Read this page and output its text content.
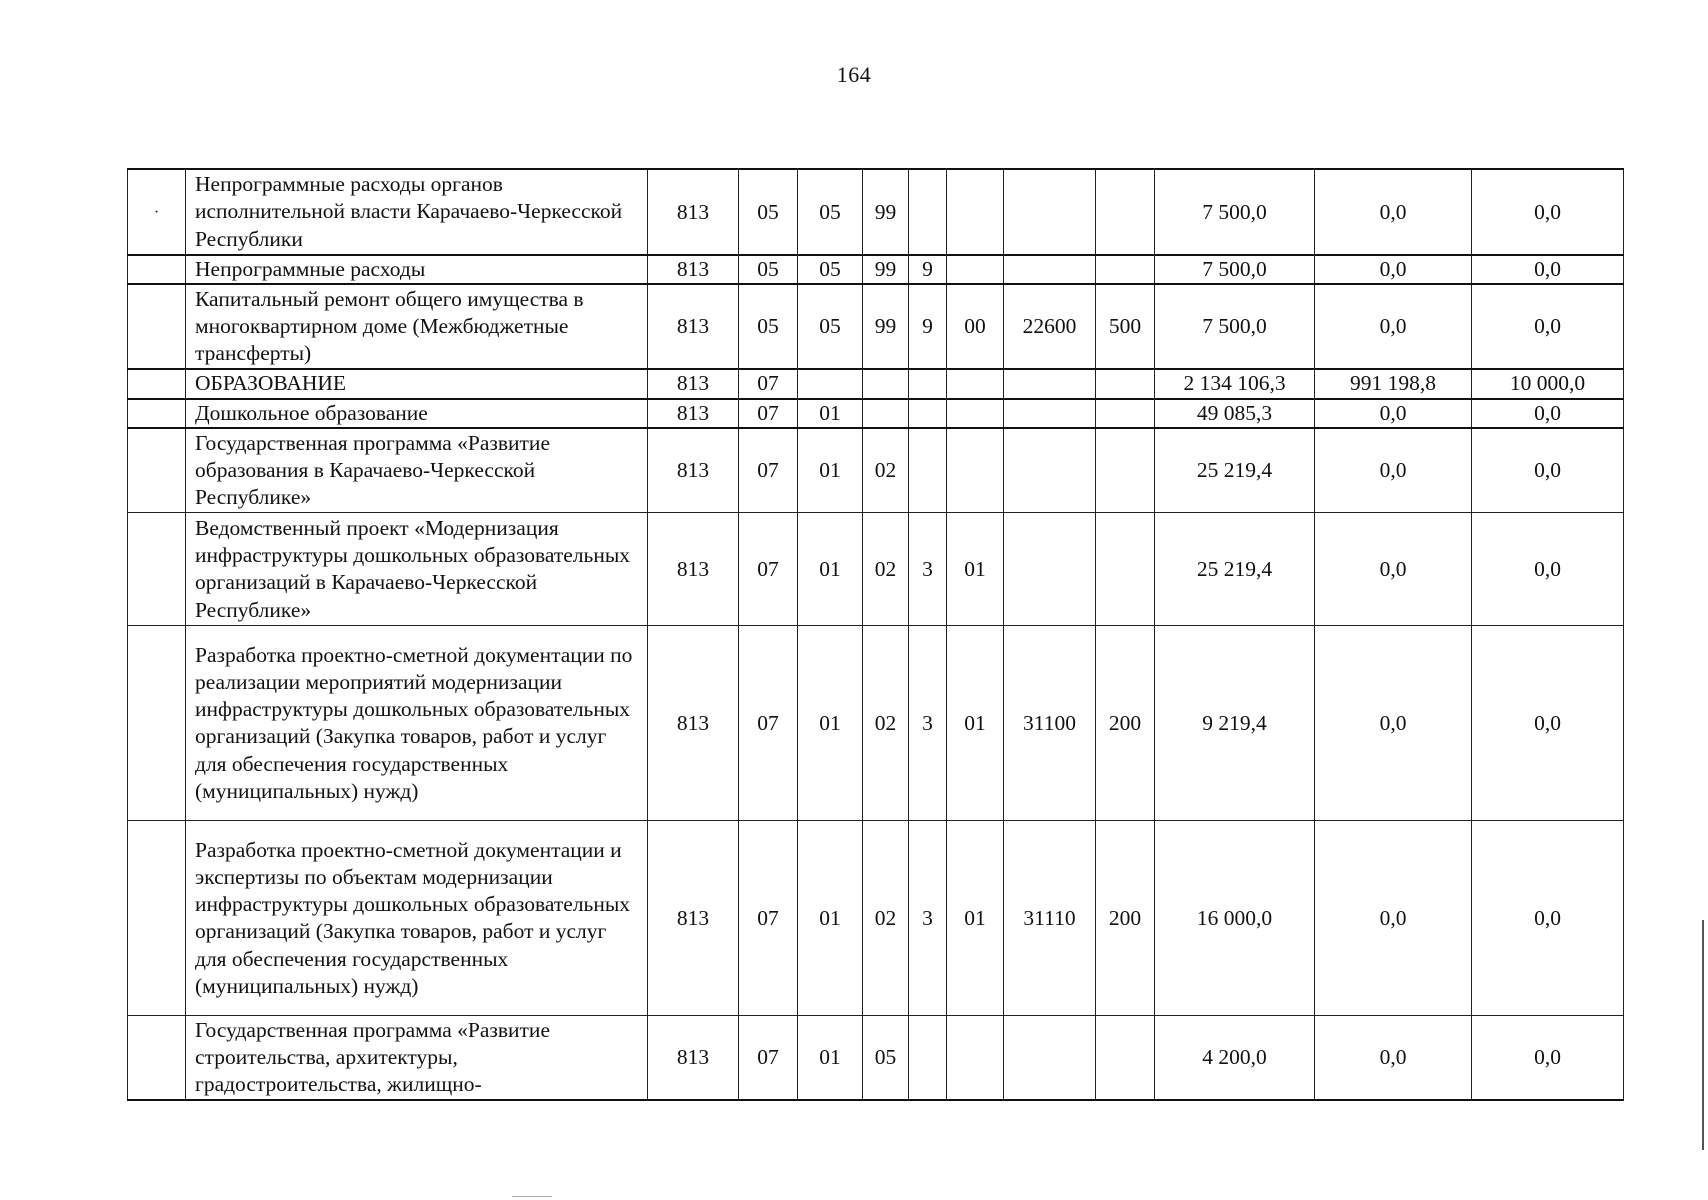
164
·	Непрограммные расходы органов исполнительной власти Карачаево-Черкесской Республики	813	05	05	99					7 500,0	0,0	0,0
	Непрограммные расходы	813	05	05	99	9				7 500,0	0,0	0,0
	Капитальный ремонт общего имущества в многоквартирном доме (Межбюджетные трансферты)	813	05	05	99	9	00	22600	500	7 500,0	0,0	0,0
	ОБРАЗОВАНИЕ	813	07							2 134 106,3	991 198,8	10 000,0
	Дошкольное образование	813	07	01						49 085,3	0,0	0,0
	Государственная программа «Развитие образования в Карачаево-Черкесской Республике»	813	07	01	02					25 219,4	0,0	0,0
	Ведомственный проект «Модернизация инфраструктуры дошкольных образовательных организаций в Карачаево-Черкесской Республике»	813	07	01	02	3	01			25 219,4	0,0	0,0
	Разработка проектно-сметной документации по реализации мероприятий модернизации инфраструктуры дошкольных образовательных организаций (Закупка товаров, работ и услуг для обеспечения государственных (муниципальных) нужд)	813	07	01	02	3	01	31100	200	9 219,4	0,0	0,0
	Разработка проектно-сметной документации и экспертизы по объектам модернизации инфраструктуры дошкольных образовательных организаций (Закупка товаров, работ и услуг для обеспечения государственных (муниципальных) нужд)	813	07	01	02	3	01	31110	200	16 000,0	0,0	0,0
	Государственная программа «Развитие строительства, архитектуры, градостроительства, жилищно-	813	07	01	05					4 200,0	0,0	0,0
